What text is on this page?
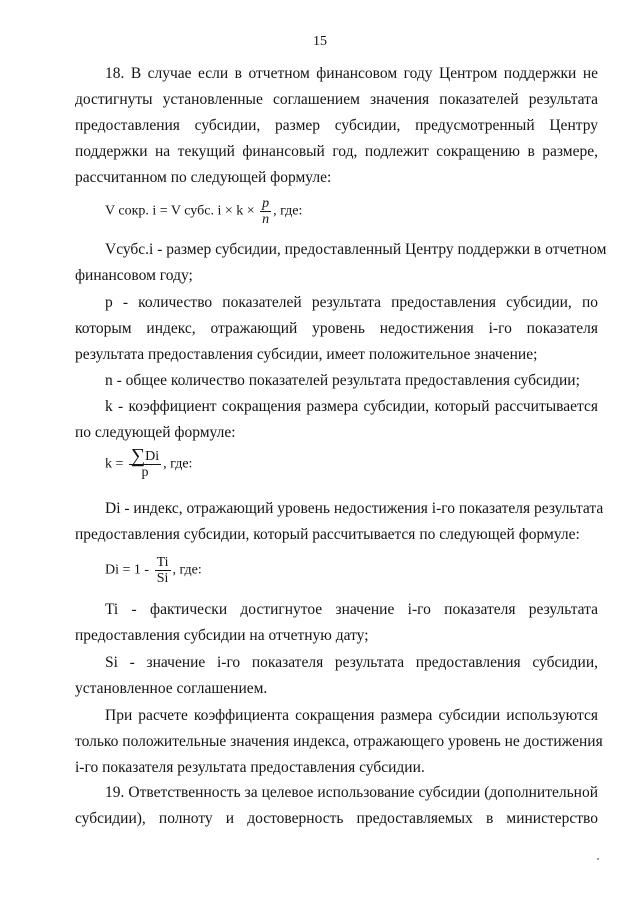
15
18. В случае если в отчетном финансовом году Центром поддержки не
достигнуты установленные соглашением значения показателей результата
предоставления субсидии, размер субсидии, предусмотренный Центру
поддержки на текущий финансовый год, подлежит сокращению в размере,
рассчитанном по следующей формуле:
V сокр. i = V субс. $i \times k \times \frac{p}{n}$ , где:
Vсубс.i - размер субсидии, предоставленный Центру поддержки в отчетном
финансовом году;
p - количество показателей результата предоставления субсидии, по
которым индекс, отражающий уровень недостижения i-го показателя
результата предоставления субсидии, имеет положительное значение;
n - общее количество показателей результата предоставления субсидии;
k - коэффициент сокращения размера субсидии, который рассчитывается
по следующей формуле:
$k = \frac{\sum Di}{p}$ , где:
Di - индекс, отражающий уровень недостижения i-го показателя результата
предоставления субсидии, который рассчитывается по следующей формуле:
$Di = 1 - \frac{Ti}{Si}$ , где:
Ti - фактически достигнутое значение i-го показателя результата
предоставления субсидии на отчетную дату;
Si - значение i-го показателя результата предоставления субсидии,
установленное соглашением.
При расчете коэффициента сокращения размера субсидии используются
только положительные значения индекса, отражающего уровень не достижения
i-го показателя результата предоставления субсидии.
19. Ответственность за целевое использование субсидии (дополнительной
субсидии), полноту и достоверность предоставляемых в министерство
